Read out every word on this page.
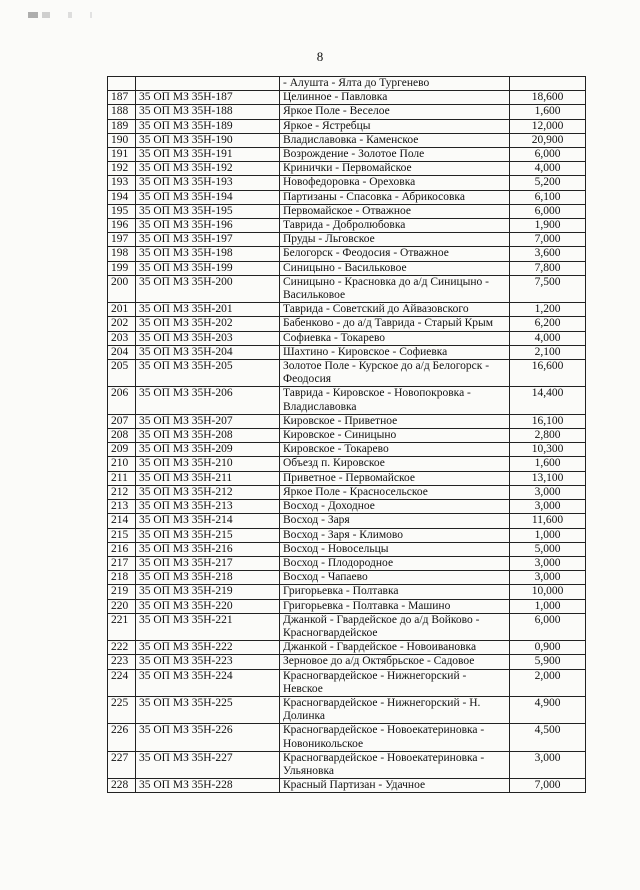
8
		- Алушта - Ялта до Тургенево	
187	35 ОП МЗ 35Н-187	Целинное - Павловка	18,600
188	35 ОП МЗ 35Н-188	Яркое Поле - Веселое	1,600
189	35 ОП МЗ 35Н-189	Яркое - Ястребцы	12,000
190	35 ОП МЗ 35Н-190	Владиславовка - Каменское	20,900
191	35 ОП МЗ 35Н-191	Возрождение - Золотое Поле	6,000
192	35 ОП МЗ 35Н-192	Кринички - Первомайское	4,000
193	35 ОП МЗ 35Н-193	Новофедоровка - Ореховка	5,200
194	35 ОП МЗ 35Н-194	Партизаны - Спасовка - Абрикосовка	6,100
195	35 ОП МЗ 35Н-195	Первомайское - Отважное	6,000
196	35 ОП МЗ 35Н-196	Таврида - Добролюбовка	1,900
197	35 ОП МЗ 35Н-197	Пруды - Льговское	7,000
198	35 ОП МЗ 35Н-198	Белогорск - Феодосия - Отважное	3,600
199	35 ОП МЗ 35Н-199	Синицыно - Васильковое	7,800
200	35 ОП МЗ 35Н-200	Синицыно - Красновка до а/д Синицыно - Васильковое	7,500
201	35 ОП МЗ 35Н-201	Таврида - Советский до Айвазовского	1,200
202	35 ОП МЗ 35Н-202	Бабенково - до а/д Таврида - Старый Крым	6,200
203	35 ОП МЗ 35Н-203	Софиевка - Токарево	4,000
204	35 ОП МЗ 35Н-204	Шахтино - Кировское - Софиевка	2,100
205	35 ОП МЗ 35Н-205	Золотое Поле - Курское до а/д Белогорск - Феодосия	16,600
206	35 ОП МЗ 35Н-206	Таврида - Кировское - Новопокровка - Владиславовка	14,400
207	35 ОП МЗ 35Н-207	Кировское - Приветное	16,100
208	35 ОП МЗ 35Н-208	Кировское - Синицыно	2,800
209	35 ОП МЗ 35Н-209	Кировское - Токарево	10,300
210	35 ОП МЗ 35Н-210	Объезд п. Кировское	1,600
211	35 ОП МЗ 35Н-211	Приветное - Первомайское	13,100
212	35 ОП МЗ 35Н-212	Яркое Поле - Красносельское	3,000
213	35 ОП МЗ 35Н-213	Восход - Доходное	3,000
214	35 ОП МЗ 35Н-214	Восход - Заря	11,600
215	35 ОП МЗ 35Н-215	Восход - Заря - Климово	1,000
216	35 ОП МЗ 35Н-216	Восход - Новосельцы	5,000
217	35 ОП МЗ 35Н-217	Восход - Плодородное	3,000
218	35 ОП МЗ 35Н-218	Восход - Чапаево	3,000
219	35 ОП МЗ 35Н-219	Григорьевка - Полтавка	10,000
220	35 ОП МЗ 35Н-220	Григорьевка - Полтавка - Машино	1,000
221	35 ОП МЗ 35Н-221	Джанкой - Гвардейское до а/д Войково - Красногвардейское	6,000
222	35 ОП МЗ 35Н-222	Джанкой - Гвардейское - Новоивановка	0,900
223	35 ОП МЗ 35Н-223	Зерновое до а/д Октябрьское - Садовое	5,900
224	35 ОП МЗ 35Н-224	Красногвардейское - Нижнегорский - Невское	2,000
225	35 ОП МЗ 35Н-225	Красногвардейское - Нижнегорский - Н. Долинка	4,900
226	35 ОП МЗ 35Н-226	Красногвардейское - Новоекатериновка - Новоникольское	4,500
227	35 ОП МЗ 35Н-227	Красногвардейское - Новоекатериновка - Ульяновка	3,000
228	35 ОП МЗ 35Н-228	Красный Партизан - Удачное	7,000
